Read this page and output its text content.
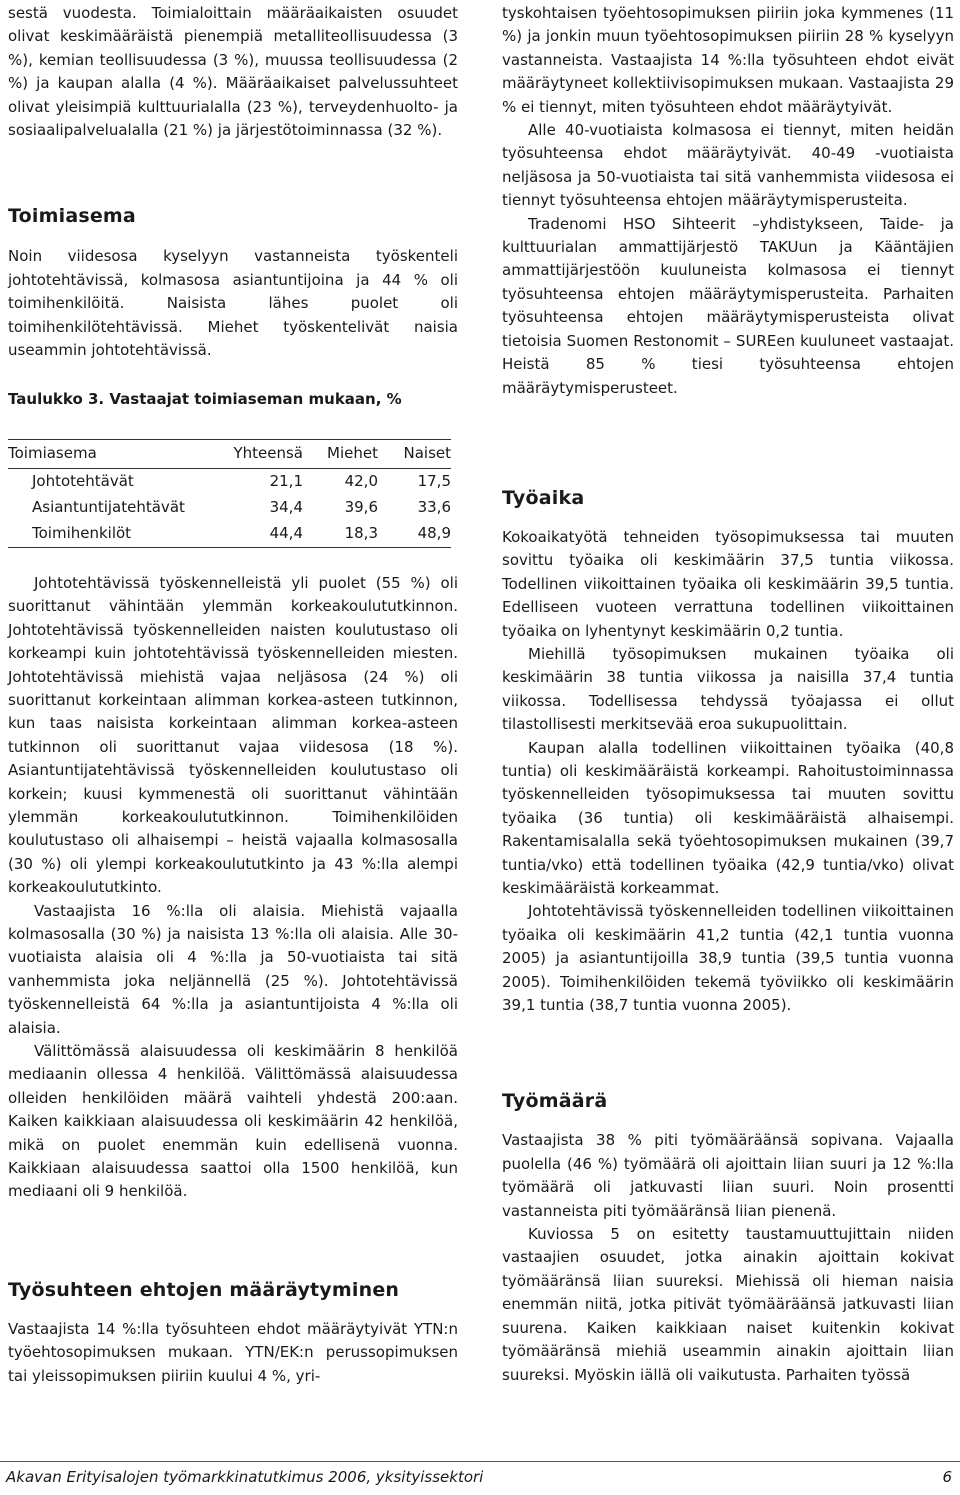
sestä vuodesta. Toimialoittain määräaikaisten osuudet olivat keskimääräistä pienempiä metalliteollisuudessa (3 %), kemian teollisuudessa (3 %), muussa teollisuudessa (2 %) ja kaupan alalla (4 %). Määräaikaiset palvelussuhteet olivat yleisimpiä kulttuurialalla (23 %), terveydenhuolto- ja sosiaalipalvelualalla (21 %) ja järjestötoiminnassa (32 %).

Toimiasema

Noin viidesosa kyselyyn vastanneista työskenteli johtotehtävissä, kolmasosa asiantuntijoina ja 44 % oli toimihenkilöitä. Naisista lähes puolet oli toimihenkilötehtävissä. Miehet työskentelivät naisia useammin johtotehtävissä.

Taulukko 3. Vastaajat toimiaseman mukaan, %

Toimiasema	Yhteensä	Miehet	Naiset
Johtotehtävät	21,1	42,0	17,5
Asiantuntijatehtävät	34,4	39,6	33,6
Toimihenkilöt	44,4	18,3	48,9

Johtotehtävissä työskennelleistä yli puolet (55 %) oli suorittanut vähintään ylemmän korkeakoulututkinnon. Johtotehtävissä työskennelleiden naisten koulutustaso oli korkeampi kuin johtotehtävissä työskennelleiden miesten. Johtotehtävissä miehistä vajaa neljäsosa (24 %) oli suorittanut korkeintaan alimman korkea-asteen tutkinnon, kun taas naisista korkeintaan alimman korkea-asteen tutkinnon oli suorittanut vajaa viidesosa (18 %). Asiantuntijatehtävissä työskennelleiden koulutustaso oli korkein; kuusi kymmenestä oli suorittanut vähintään ylemmän korkeakoulututkinnon. Toimihenkilöiden koulutustaso oli alhaisempi – heistä vajaalla kolmasosalla (30 %) oli ylempi korkeakoulututkinto ja 43 %:lla alempi korkeakoulututkinto.

Vastaajista 16 %:lla oli alaisia. Miehistä vajaalla kolmasosalla (30 %) ja naisista 13 %:lla oli alaisia. Alle 30-vuotiaista alaisia oli 4 %:lla ja 50-vuotiaista tai sitä vanhemmista joka neljännellä (25 %). Johtotehtävissä työskennelleistä 64 %:lla ja asiantuntijoista 4 %:lla oli alaisia.

Välittömässä alaisuudessa oli keskimäärin 8 henkilöä mediaanin ollessa 4 henkilöä. Välittömässä alaisuudessa olleiden henkilöiden määrä vaihteli yhdestä 200:aan. Kaiken kaikkiaan alaisuudessa oli keskimäärin 42 henkilöä, mikä on puolet enemmän kuin edellisenä vuonna. Kaikkiaan alaisuudessa saattoi olla 1500 henkilöä, kun mediaani oli 9 henkilöä.

Työsuhteen ehtojen määräytyminen

Vastaajista 14 %:lla työsuhteen ehdot määräytyivät YTN:n työehtosopimuksen mukaan. YTN/EK:n perussopimuksen tai yleissopimuksen piiriin kuului 4 %, yri-

tyskohtaisen työehtosopimuksen piiriin joka kymmenes (11 %) ja jonkin muun työehtosopimuksen piiriin 28 % kyselyyn vastanneista. Vastaajista 14 %:lla työsuhteen ehdot eivät määräytyneet kollektiivisopimuksen mukaan. Vastaajista 29 % ei tiennyt, miten työsuhteen ehdot määräytyivät.

Alle 40-vuotiaista kolmasosa ei tiennyt, miten heidän työsuhteensa ehdot määräytyivät. 40-49 -vuotiaista neljäsosa ja 50-vuotiaista tai sitä vanhemmista viidesosa ei tiennyt työsuhteensa ehtojen määräytymisperusteita.

Tradenomi HSO Sihteerit –yhdistykseen, Taide- ja kulttuurialan ammattijärjestö TAKUun ja Kääntäjien ammattijärjestöön kuuluneista kolmasosa ei tiennyt työsuhteensa ehtojen määräytymisperusteita. Parhaiten työsuhteensa ehtojen määräytymisperusteista olivat tietoisia Suomen Restonomit – SUREen kuuluneet vastaajat. Heistä 85 % tiesi työsuhteensa ehtojen määräytymisperusteet.

Työaika

Kokoaikatyötä tehneiden työsopimuksessa tai muuten sovittu työaika oli keskimäärin 37,5 tuntia viikossa. Todellinen viikoittainen työaika oli keskimäärin 39,5 tuntia. Edelliseen vuoteen verrattuna todellinen viikoittainen työaika on lyhentynyt keskimäärin 0,2 tuntia.

Miehillä työsopimuksen mukainen työaika oli keskimäärin 38 tuntia viikossa ja naisilla 37,4 tuntia viikossa. Todellisessa tehdyssä työajassa ei ollut tilastollisesti merkitsevää eroa sukupuolittain.

Kaupan alalla todellinen viikoittainen työaika (40,8 tuntia) oli keskimääräistä korkeampi. Rahoitustoiminnassa työskennelleiden työsopimuksessa tai muuten sovittu työaika (36 tuntia) oli keskimääräistä alhaisempi. Rakentamisalalla sekä työehtosopimuksen mukainen (39,7 tuntia/vko) että todellinen työaika (42,9 tuntia/vko) olivat keskimääräistä korkeammat.

Johtotehtävissä työskennelleiden todellinen viikoittainen työaika oli keskimäärin 41,2 tuntia (42,1 tuntia vuonna 2005) ja asiantuntijoilla 38,9 tuntia (39,5 tuntia vuonna 2005). Toimihenkilöiden tekemä työviikko oli keskimäärin 39,1 tuntia (38,7 tuntia vuonna 2005).

Työmäärä

Vastaajista 38 % piti työmääräänsä sopivana. Vajaalla puolella (46 %) työmäärä oli ajoittain liian suuri ja 12 %:lla työmäärä oli jatkuvasti liian suuri. Noin prosentti vastanneista piti työmääränsä liian pienenä.

Kuviossa 5 on esitetty taustamuuttujittain niiden vastaajien osuudet, jotka ainakin ajoittain kokivat työmääränsä liian suureksi. Miehissä oli hieman naisia enemmän niitä, jotka pitivät työmääräänsä jatkuvasti liian suurena. Kaiken kaikkiaan naiset kuitenkin kokivat työmääränsä miehiä useammin ainakin ajoittain liian suureksi. Myöskin iällä oli vaikutusta. Parhaiten työssä

Akavan Erityisalojen työmarkkinatutkimus 2006, yksityissektori	6
